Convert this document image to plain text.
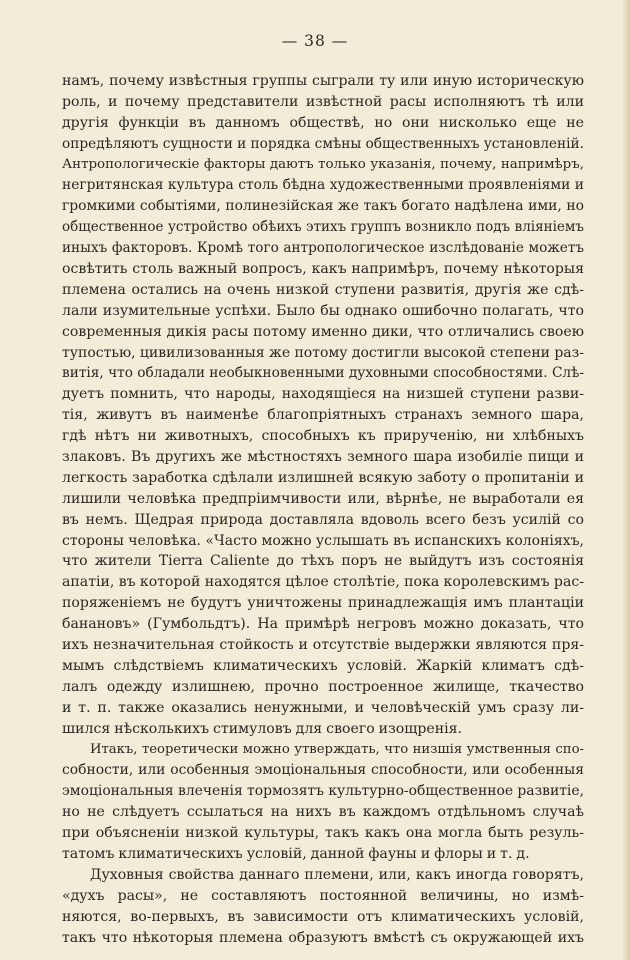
— 38 —
намъ, почему извѣстныя группы сыграли ту или иную историческую
роль, и почему представители извѣстной расы исполняютъ тѣ или
другія функціи въ данномъ обществѣ, но они нисколько еще не
опредѣляютъ сущности и порядка смѣны общественныхъ установленій.
Антропологическіе факторы даютъ только указанія, почему, напримѣръ,
негритянская культура столь бѣдна художественными проявленіями и
громкими событіями, полинезійская же такъ богато надѣлена ими, но
общественное устройство обѣихъ этихъ группъ возникло подъ вліяніемъ
иныхъ факторовъ. Кромѣ того антропологическое изслѣдованіе можетъ
освѣтить столь важный вопросъ, какъ напримѣръ, почему нѣкоторыя
племена остались на очень низкой ступени развитія, другія же сдѣ-
лали изумительные успѣхи. Было бы однако ошибочно полагать, что
современныя дикія расы потому именно дики, что отличались своею
тупостью, цивилизованныя же потому достигли высокой степени раз-
витія, что обладали необыкновенными духовными способностями. Слѣ-
дуетъ помнить, что народы, находящіеся на низшей ступени разви-
тія, живутъ въ наименѣе благопріятныхъ странахъ земного шара,
гдѣ нѣтъ ни животныхъ, способныхъ къ прирученію, ни хлѣбныхъ
злаковъ. Въ другихъ же мѣстностяхъ земного шара изобиліе пищи и
легкость заработка сдѣлали излишней всякую заботу о пропитаніи и
лишили человѣка предпріимчивости или, вѣрнѣе, не выработали ея
въ немъ. Щедрая природа доставляла вдоволь всего безъ усилій со
стороны человѣка. «Часто можно услышать въ испанскихъ колоніяхъ,
что жители Tierra Caliente до тѣхъ поръ не выйдутъ изъ состоянія
апатіи, въ которой находятся цѣлое столѣтіе, пока королевскимъ рас-
поряженіемъ не будутъ уничтожены принадлежащія имъ плантаціи
банановъ» (Гумбольдтъ). На примѣрѣ негровъ можно доказать, что
ихъ незначительная стойкость и отсутствіе выдержки являются пря-
мымъ слѣдствіемъ климатическихъ условій. Жаркій климатъ сдѣ-
лалъ одежду излишнею, прочно построенное жилище, ткачество
и т. п. также оказались ненужными, и человѣческій умъ сразу ли-
шился нѣсколькихъ стимуловъ для своего изощренія.
Итакъ, теоретически можно утверждать, что низшія умственныя спо-
собности, или особенныя эмоціональныя способности, или особенныя
эмоціональныя влеченія тормозятъ культурно-общественное развитіе,
но не слѣдуетъ ссылаться на нихъ въ каждомъ отдѣльномъ случаѣ
при объясненіи низкой культуры, такъ какъ она могла быть резуль-
татомъ климатическихъ условій, данной фауны и флоры и т. д.
Духовныя свойства даннаго племени, или, какъ иногда говорятъ,
«духъ расы», не составляютъ постоянной величины, но измѣ-
няются, во-первыхъ, въ зависимости отъ климатическихъ условій,
такъ что нѣкоторыя племена образуютъ вмѣстѣ съ окружающей ихъ
